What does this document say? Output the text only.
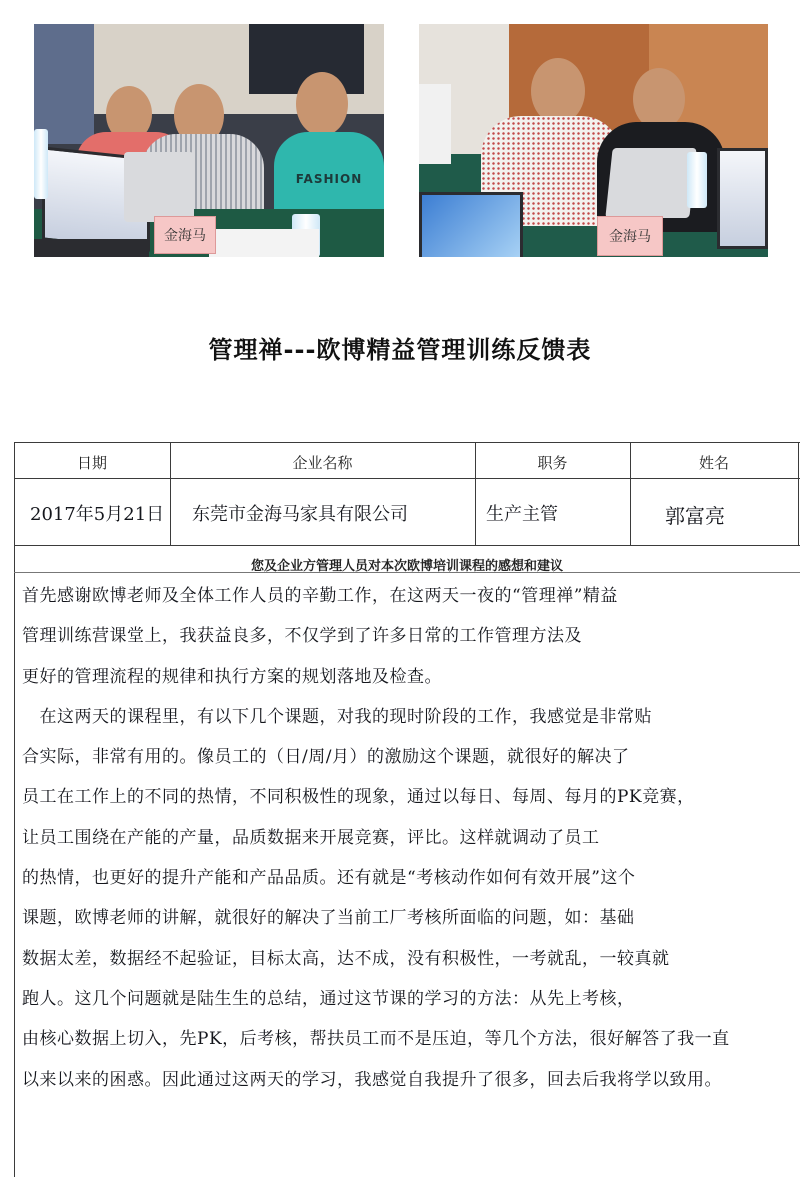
FASHION
金海马	金海马
管理禅---欧博精益管理训练反馈表
日期	企业名称	职务	姓名
2017年5月21日 东莞市金海马家具有限公司	生产主管	郭富亮
您及企业方管理人员对本次欧博培训课程的感想和建议
首先感谢欧博老师及全体工作人员的辛勤工作，在这两天一夜的“管理禅”精益
管理训练营课堂上，我获益良多，不仅学到了许多日常的工作管理方法及
更好的管理流程的规律和执行方案的规划落地及检查。
　在这两天的课程里，有以下几个课题，对我的现时阶段的工作，我感觉是非常贴
合实际，非常有用的。像员工的（日/周/月）的激励这个课题，就很好的解决了
员工在工作上的不同的热情，不同积极性的现象，通过以每日、每周、每月的PK竞赛，
让员工围绕在产能的产量，品质数据来开展竞赛，评比。这样就调动了员工
的热情，也更好的提升产能和产品品质。还有就是“考核动作如何有效开展”这个
课题，欧博老师的讲解，就很好的解决了当前工厂考核所面临的问题，如：基础
数据太差，数据经不起验证，目标太高，达不成，没有积极性，一考就乱，一较真就
跑人。这几个问题就是陆生生的总结，通过这节课的学习的方法：从先上考核，
由核心数据上切入，先PK，后考核，帮扶员工而不是压迫，等几个方法，很好解答了我一直
以来以来的困惑。因此通过这两天的学习，我感觉自我提升了很多，回去后我将学以致用。
